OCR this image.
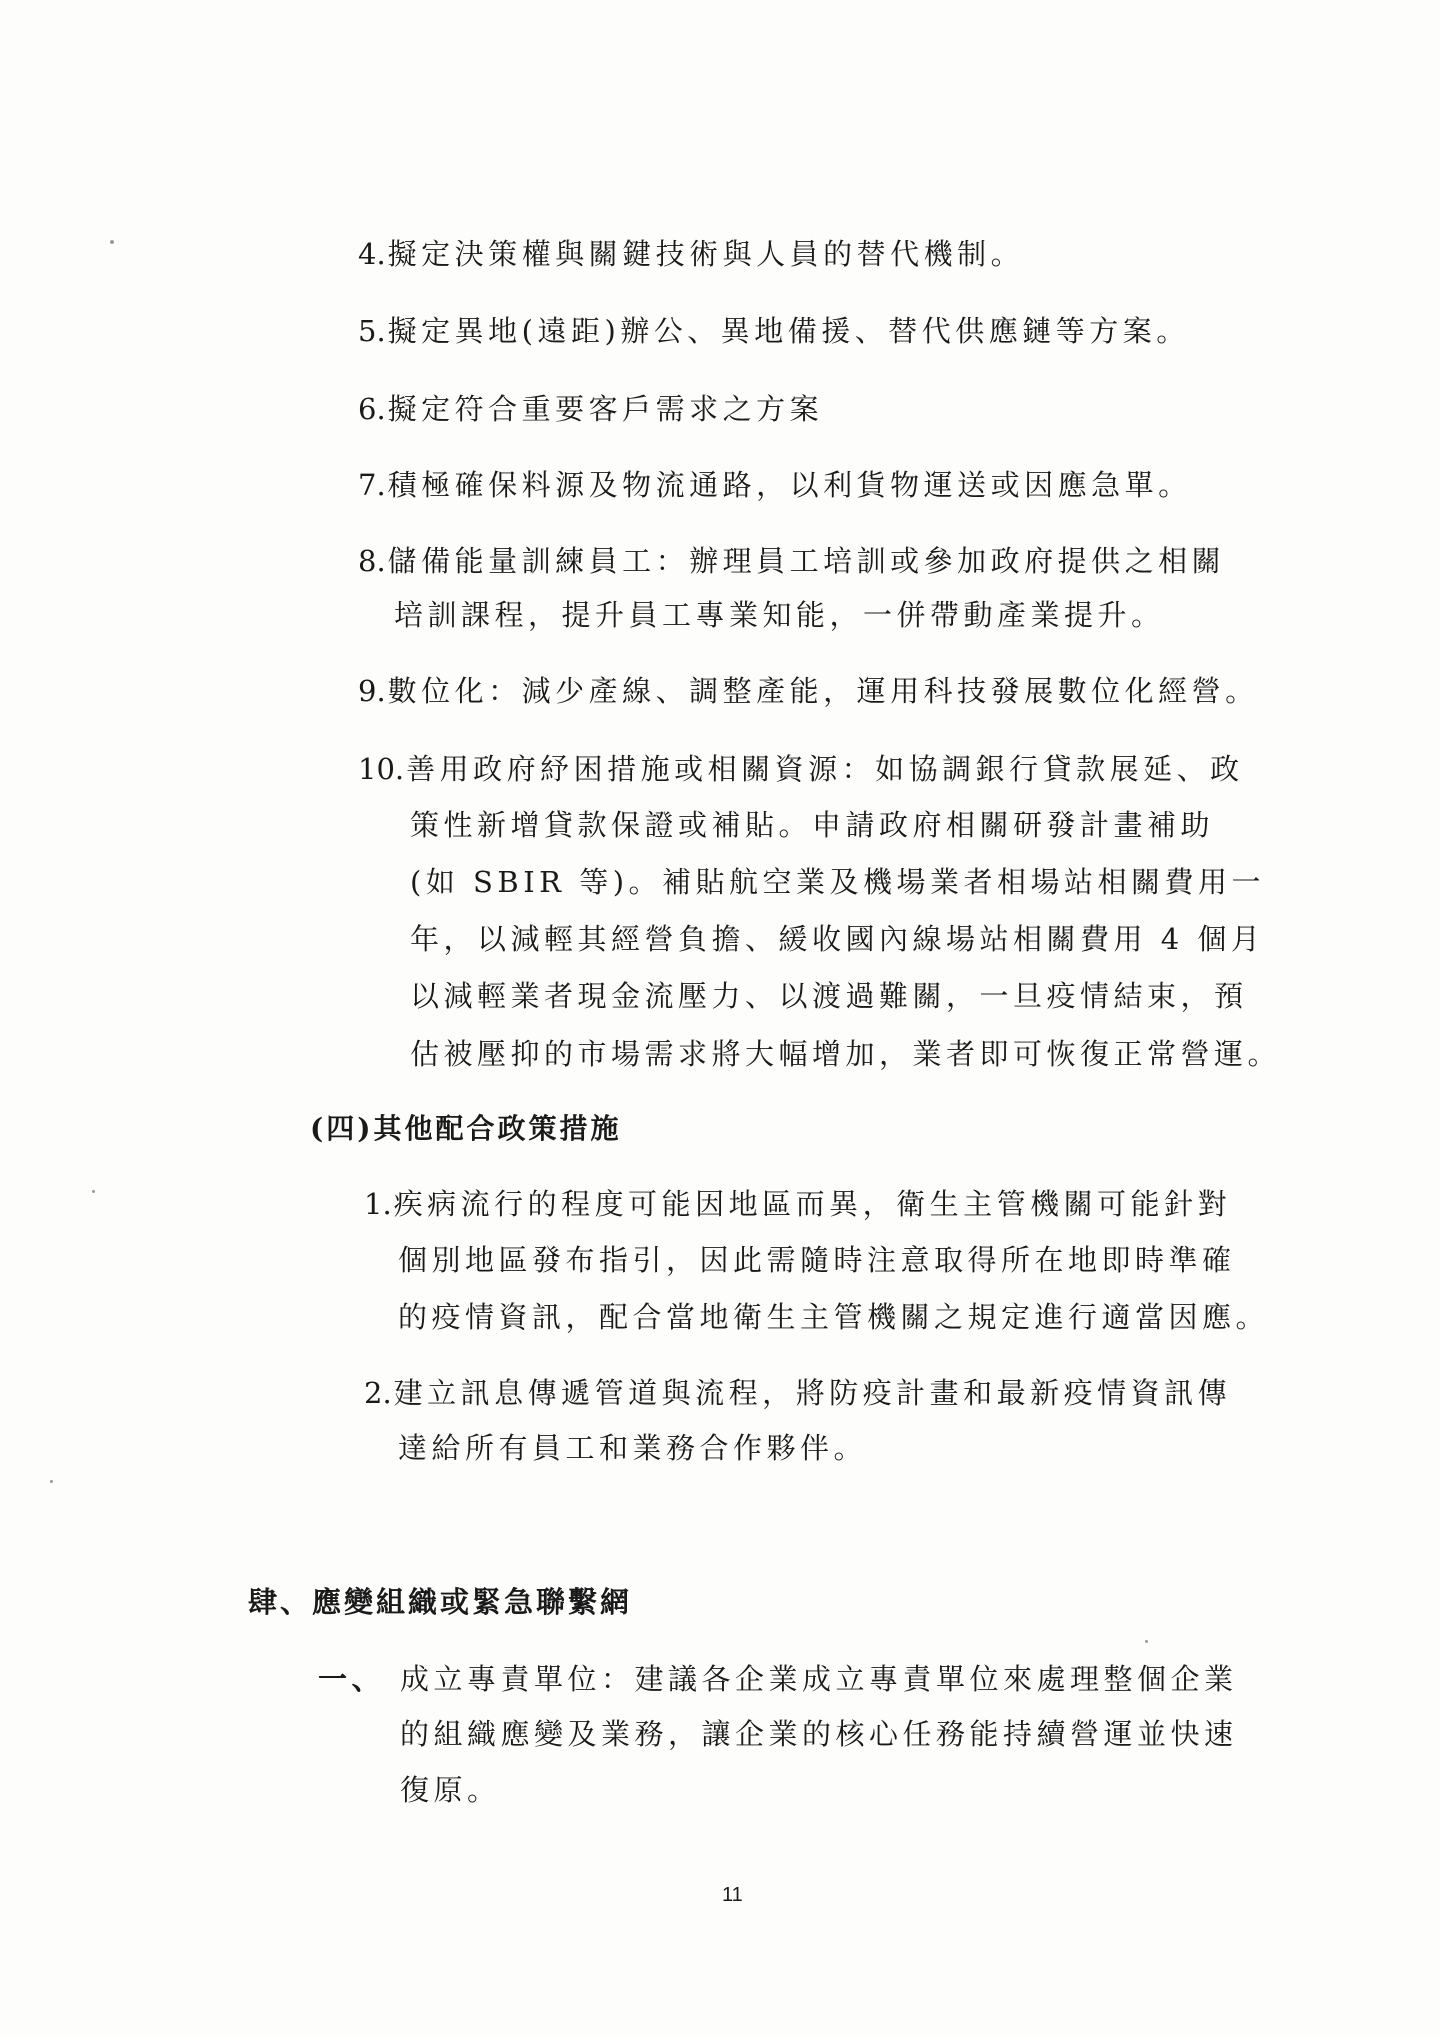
4.擬定決策權與關鍵技術與人員的替代機制。
5.擬定異地(遠距)辦公、異地備援、替代供應鏈等方案。
6.擬定符合重要客戶需求之方案
7.積極確保料源及物流通路，以利貨物運送或因應急單。
8.儲備能量訓練員工：辦理員工培訓或參加政府提供之相關
培訓課程，提升員工專業知能，一併帶動產業提升。
9.數位化：減少產線、調整產能，運用科技發展數位化經營。
10.善用政府紓困措施或相關資源：如協調銀行貸款展延、政
策性新增貸款保證或補貼。申請政府相關研發計畫補助
(如 SBIR 等)。補貼航空業及機場業者相場站相關費用一
年，以減輕其經營負擔、緩收國內線場站相關費用 4 個月
以減輕業者現金流壓力、以渡過難關，一旦疫情結束，預
估被壓抑的市場需求將大幅增加，業者即可恢復正常營運。
(四)其他配合政策措施
1.疾病流行的程度可能因地區而異，衛生主管機關可能針對
個別地區發布指引，因此需隨時注意取得所在地即時準確
的疫情資訊，配合當地衛生主管機關之規定進行適當因應。
2.建立訊息傳遞管道與流程，將防疫計畫和最新疫情資訊傳
達給所有員工和業務合作夥伴。
肆、應變組織或緊急聯繫網
一、 成立專責單位：建議各企業成立專責單位來處理整個企業
的組織應變及業務，讓企業的核心任務能持續營運並快速
復原。
11
